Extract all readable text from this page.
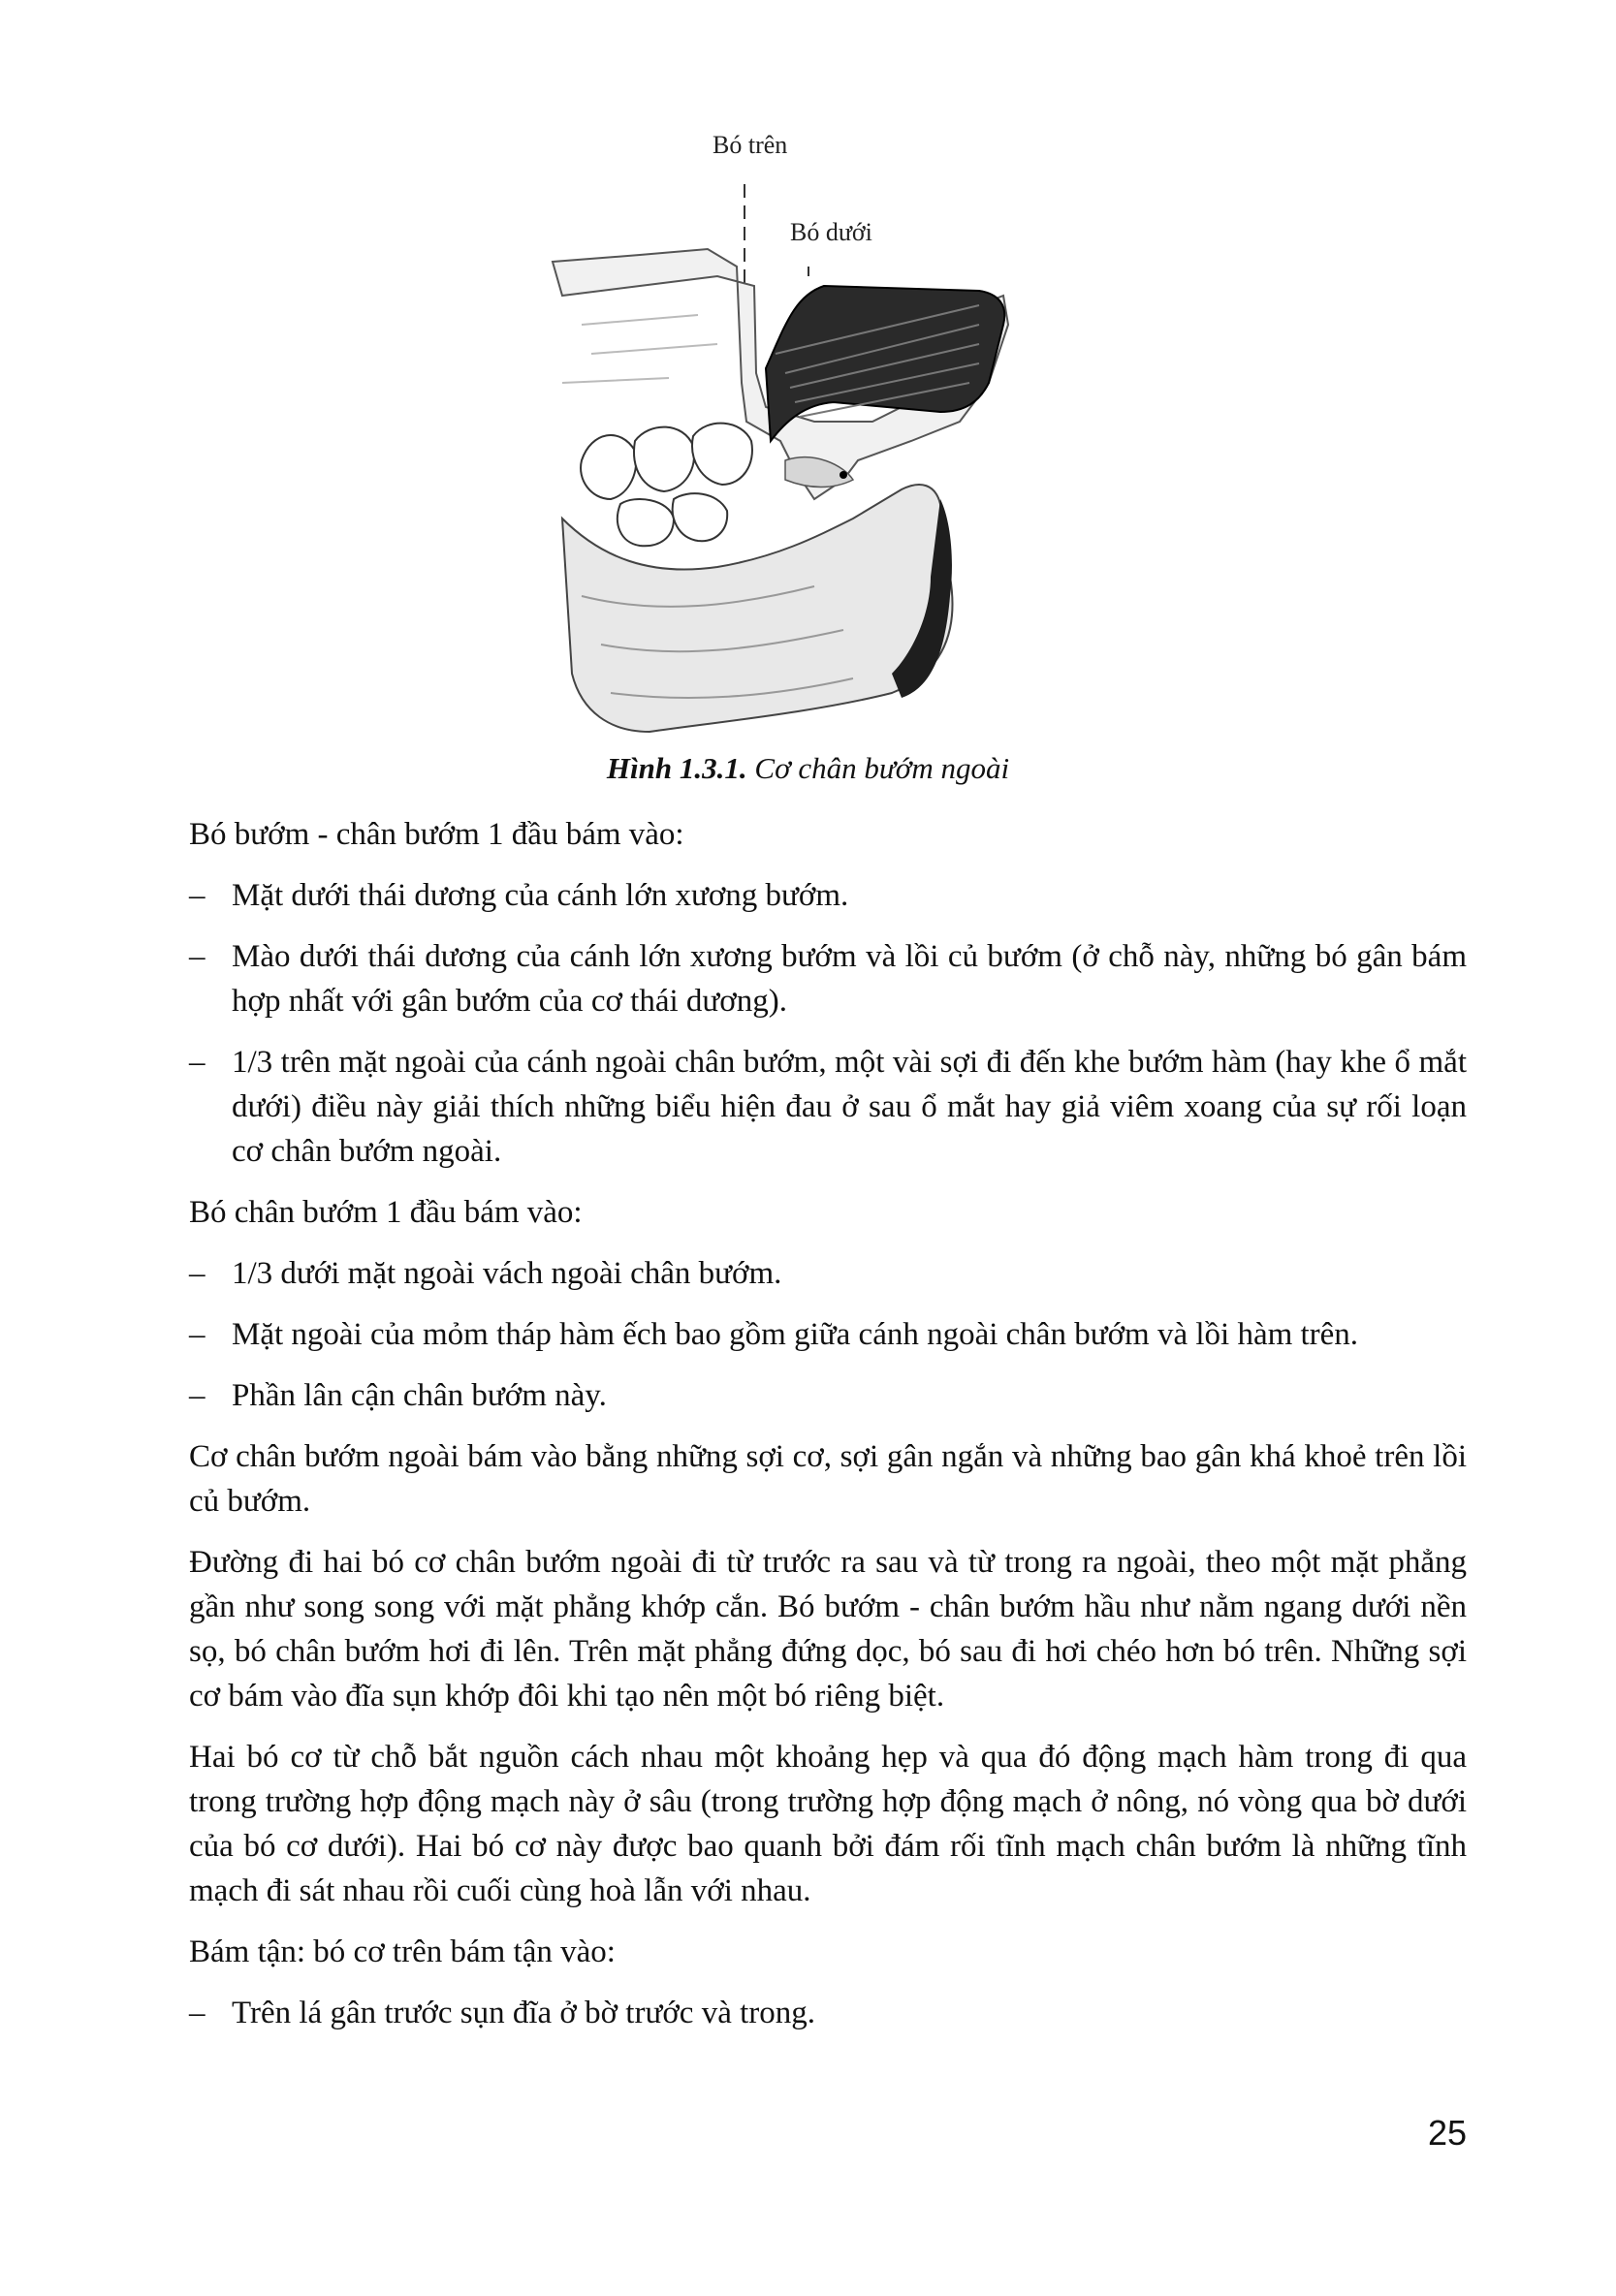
Bó trên
Bó dưới
Hình 1.3.1. Cơ chân bướm ngoài
Bó bướm - chân bướm 1 đầu bám vào:
– Mặt dưới thái dương của cánh lớn xương bướm.
– Mào dưới thái dương của cánh lớn xương bướm và lồi củ bướm (ở chỗ này, những bó gân bám hợp nhất với gân bướm của cơ thái dương).
– 1/3 trên mặt ngoài của cánh ngoài chân bướm, một vài sợi đi đến khe bướm hàm (hay khe ổ mắt dưới) điều này giải thích những biểu hiện đau ở sau ổ mắt hay giả viêm xoang của sự rối loạn cơ chân bướm ngoài.
Bó chân bướm 1 đầu bám vào:
– 1/3 dưới mặt ngoài vách ngoài chân bướm.
– Mặt ngoài của mỏm tháp hàm ếch bao gồm giữa cánh ngoài chân bướm và lồi hàm trên.
– Phần lân cận chân bướm này.
Cơ chân bướm ngoài bám vào bằng những sợi cơ, sợi gân ngắn và những bao gân khá khoẻ trên lồi củ bướm.
Đường đi hai bó cơ chân bướm ngoài đi từ trước ra sau và từ trong ra ngoài, theo một mặt phẳng gần như song song với mặt phẳng khớp cắn. Bó bướm - chân bướm hầu như nằm ngang dưới nền sọ, bó chân bướm hơi đi lên. Trên mặt phẳng đứng dọc, bó sau đi hơi chéo hơn bó trên. Những sợi cơ bám vào đĩa sụn khớp đôi khi tạo nên một bó riêng biệt.
Hai bó cơ từ chỗ bắt nguồn cách nhau một khoảng hẹp và qua đó động mạch hàm trong đi qua trong trường hợp động mạch này ở sâu (trong trường hợp động mạch ở nông, nó vòng qua bờ dưới của bó cơ dưới). Hai bó cơ này được bao quanh bởi đám rối tĩnh mạch chân bướm là những tĩnh mạch đi sát nhau rồi cuối cùng hoà lẫn với nhau.
Bám tận: bó cơ trên bám tận vào:
– Trên lá gân trước sụn đĩa ở bờ trước và trong.
25
